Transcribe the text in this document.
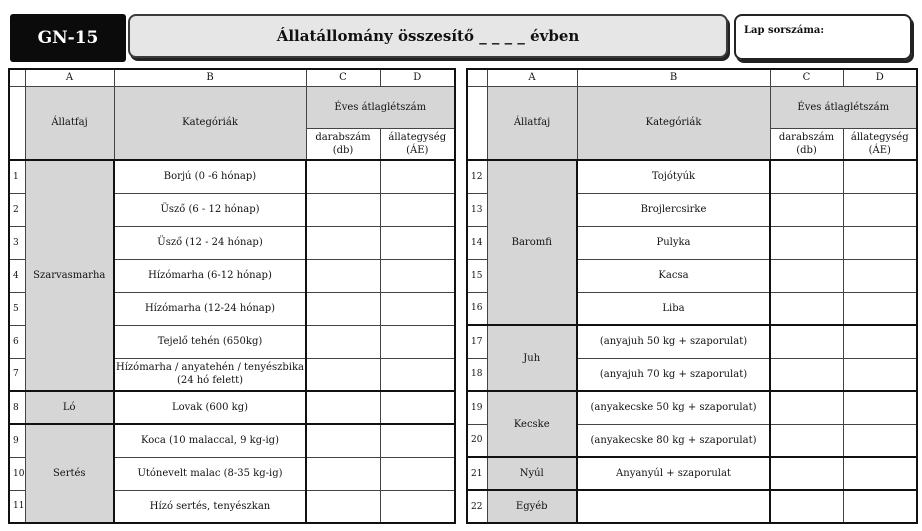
GN-15	Állatállomány összesítő _ _ _ _ évben	Lap sorszáma:
	A	B	C	D
	Állatfaj	Kategóriák	Éves átlaglétszám	
			darabszám (db)	állategység (ÁE)
1	Szarvasmarha	Borjú (0 -6 hónap)		
2		Üsző (6 - 12 hónap)		
3		Üsző (12 - 24 hónap)		
4		Hízómarha (6-12 hónap)		
5		Hízómarha (12-24 hónap)		
6		Tejelő tehén (650kg)		
7		Hízómarha / anyatehén / tenyészbika (24 hó felett)		
8	Ló	Lovak (600 kg)		
9	Sertés	Koca (10 malaccal, 9 kg-ig)		
10		Utónevelt malac (8-35 kg-ig)		
11		Hízó sertés, tenyészkan		
	A	B	C	D
	Állatfaj	Kategóriák	Éves átlaglétszám	
			darabszám (db)	állategység (ÁE)
12	Baromfi	Tojótyúk		
13		Brojlercsirke		
14		Pulyka		
15		Kacsa		
16		Liba		
17	Juh	(anyajuh 50 kg + szaporulat)		
18		(anyajuh 70 kg + szaporulat)		
19	Kecske	(anyakecske 50 kg + szaporulat)		
20		(anyakecske 80 kg + szaporulat)		
21	Nyúl	Anyanyúl + szaporulat		
22	Egyéb			
